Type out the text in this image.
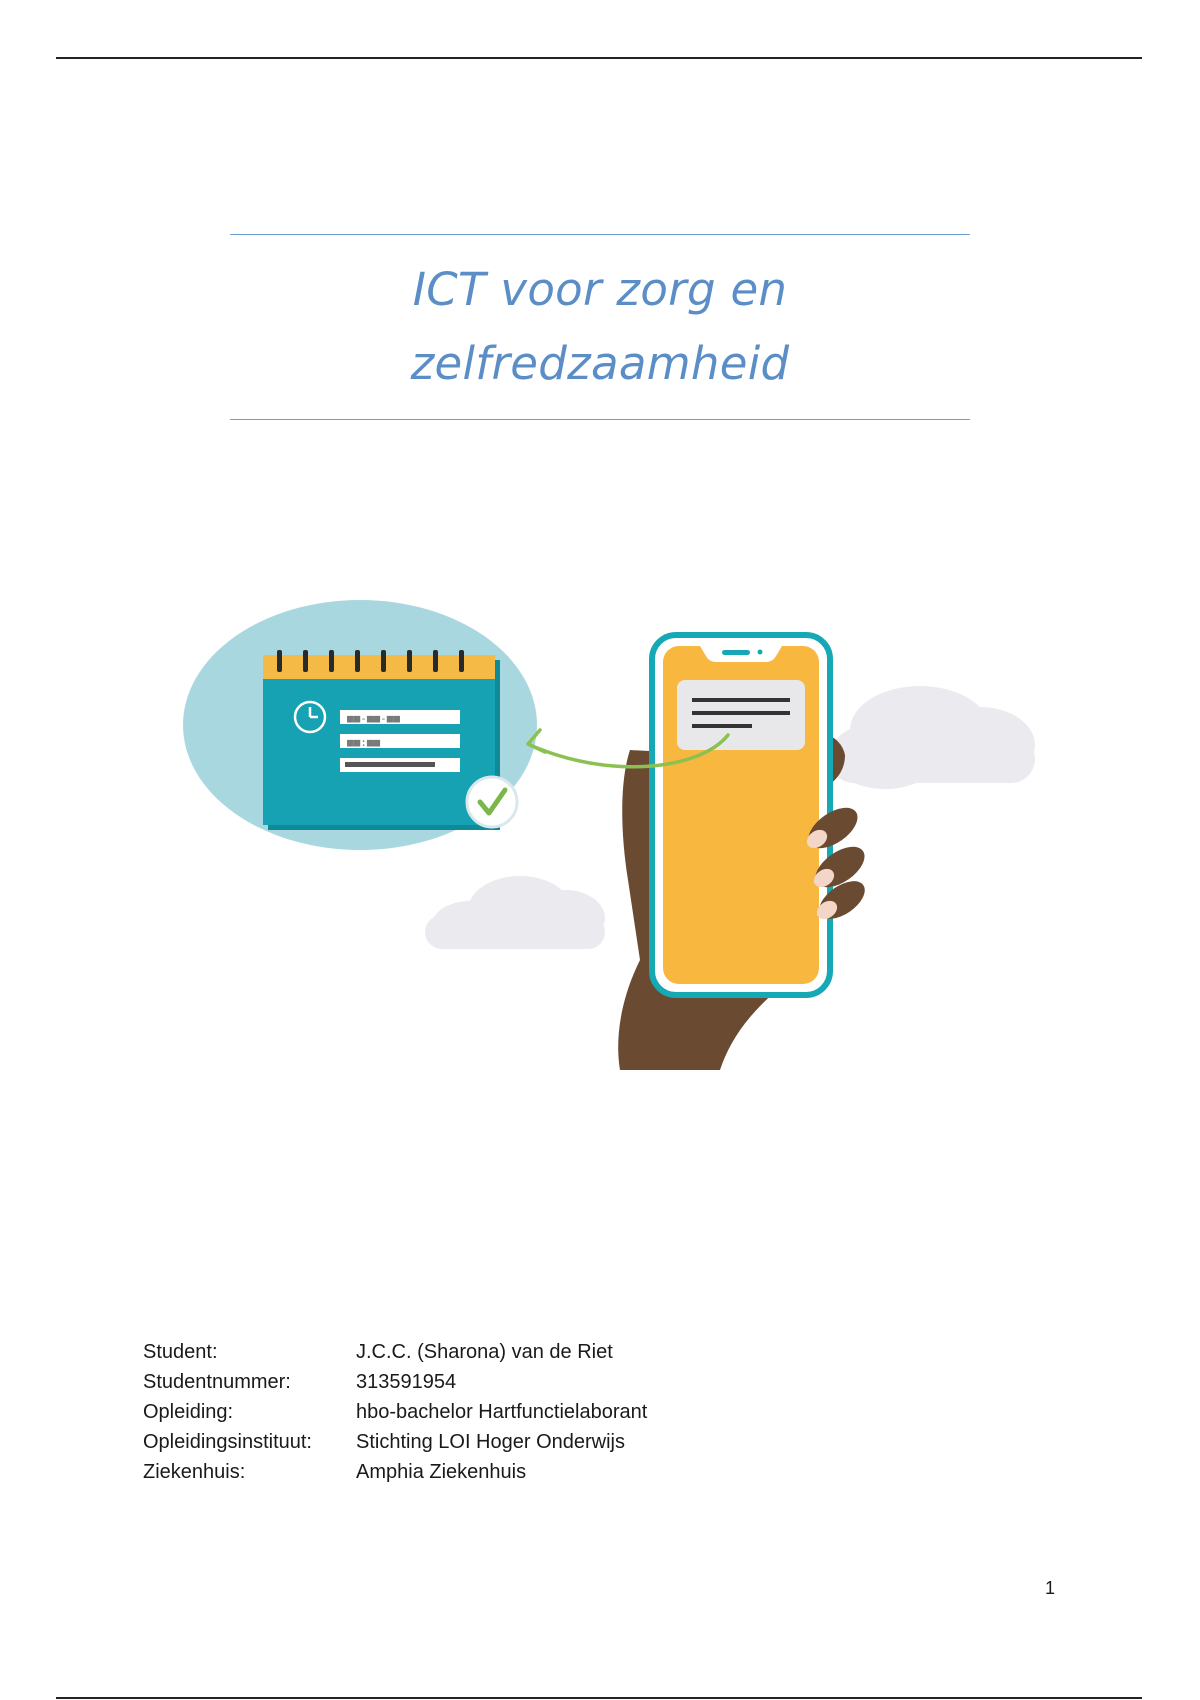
ICT voor zorg en
zelfredzaamheid
■■-■■-■■
■■:■■
Student:	J.C.C. (Sharona) van de Riet
Studentnummer:	313591954
Opleiding:	hbo-bachelor Hartfunctielaborant
Opleidingsinstituut:	Stichting LOI Hoger Onderwijs
Ziekenhuis:	Amphia Ziekenhuis
1
